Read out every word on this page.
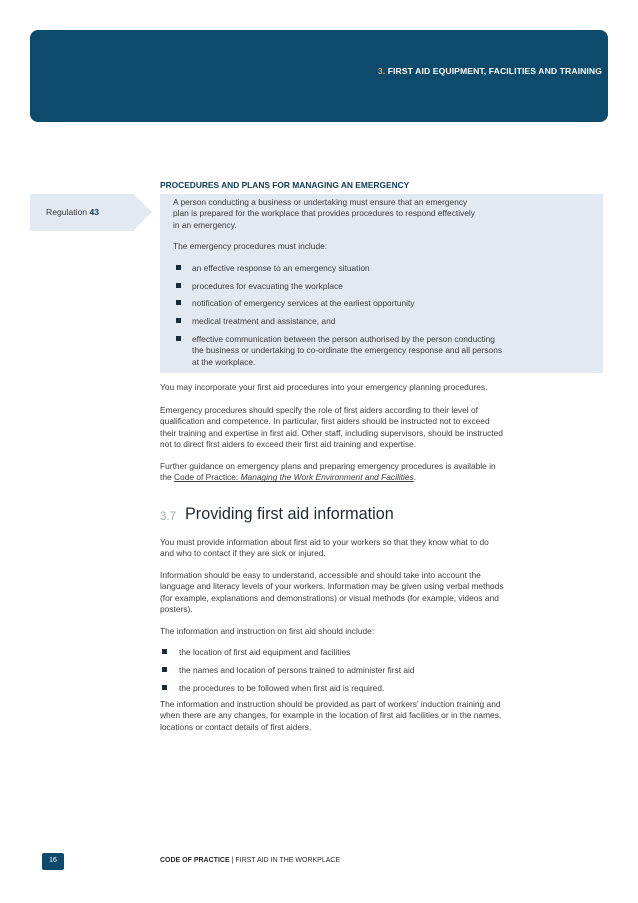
3. FIRST AID EQUIPMENT, FACILITIES AND TRAINING
PROCEDURES AND PLANS FOR MANAGING AN EMERGENCY
Regulation 43
A person conducting a business or undertaking must ensure that an emergency
plan is prepared for the workplace that provides procedures to respond effectively
in an emergency.
The emergency procedures must include:
an effective response to an emergency situation
procedures for evacuating the workplace
notification of emergency services at the earliest opportunity
medical treatment and assistance, and
effective communication between the person authorised by the person conducting
the business or undertaking to co-ordinate the emergency response and all persons
at the workplace.
You may incorporate your first aid procedures into your emergency planning procedures.
Emergency procedures should specify the role of first aiders according to their level of
qualification and competence. In particular, first aiders should be instructed not to exceed
their training and expertise in first aid. Other staff, including supervisors, should be instructed
not to direct first aiders to exceed their first aid training and expertise.
Further guidance on emergency plans and preparing emergency procedures is available in
the Code of Practice: Managing the Work Environment and Facilities.
3.7 Providing first aid information
You must provide information about first aid to your workers so that they know what to do
and who to contact if they are sick or injured.
Information should be easy to understand, accessible and should take into account the
language and literacy levels of your workers. Information may be given using verbal methods
(for example, explanations and demonstrations) or visual methods (for example, videos and
posters).
The information and instruction on first aid should include:
the location of first aid equipment and facilities
the names and location of persons trained to administer first aid
the procedures to be followed when first aid is required.
The information and instruction should be provided as part of workers' induction training and
when there are any changes, for example in the location of first aid facilities or in the names,
locations or contact details of first aiders.
16	CODE OF PRACTICE | FIRST AID IN THE WORKPLACE
